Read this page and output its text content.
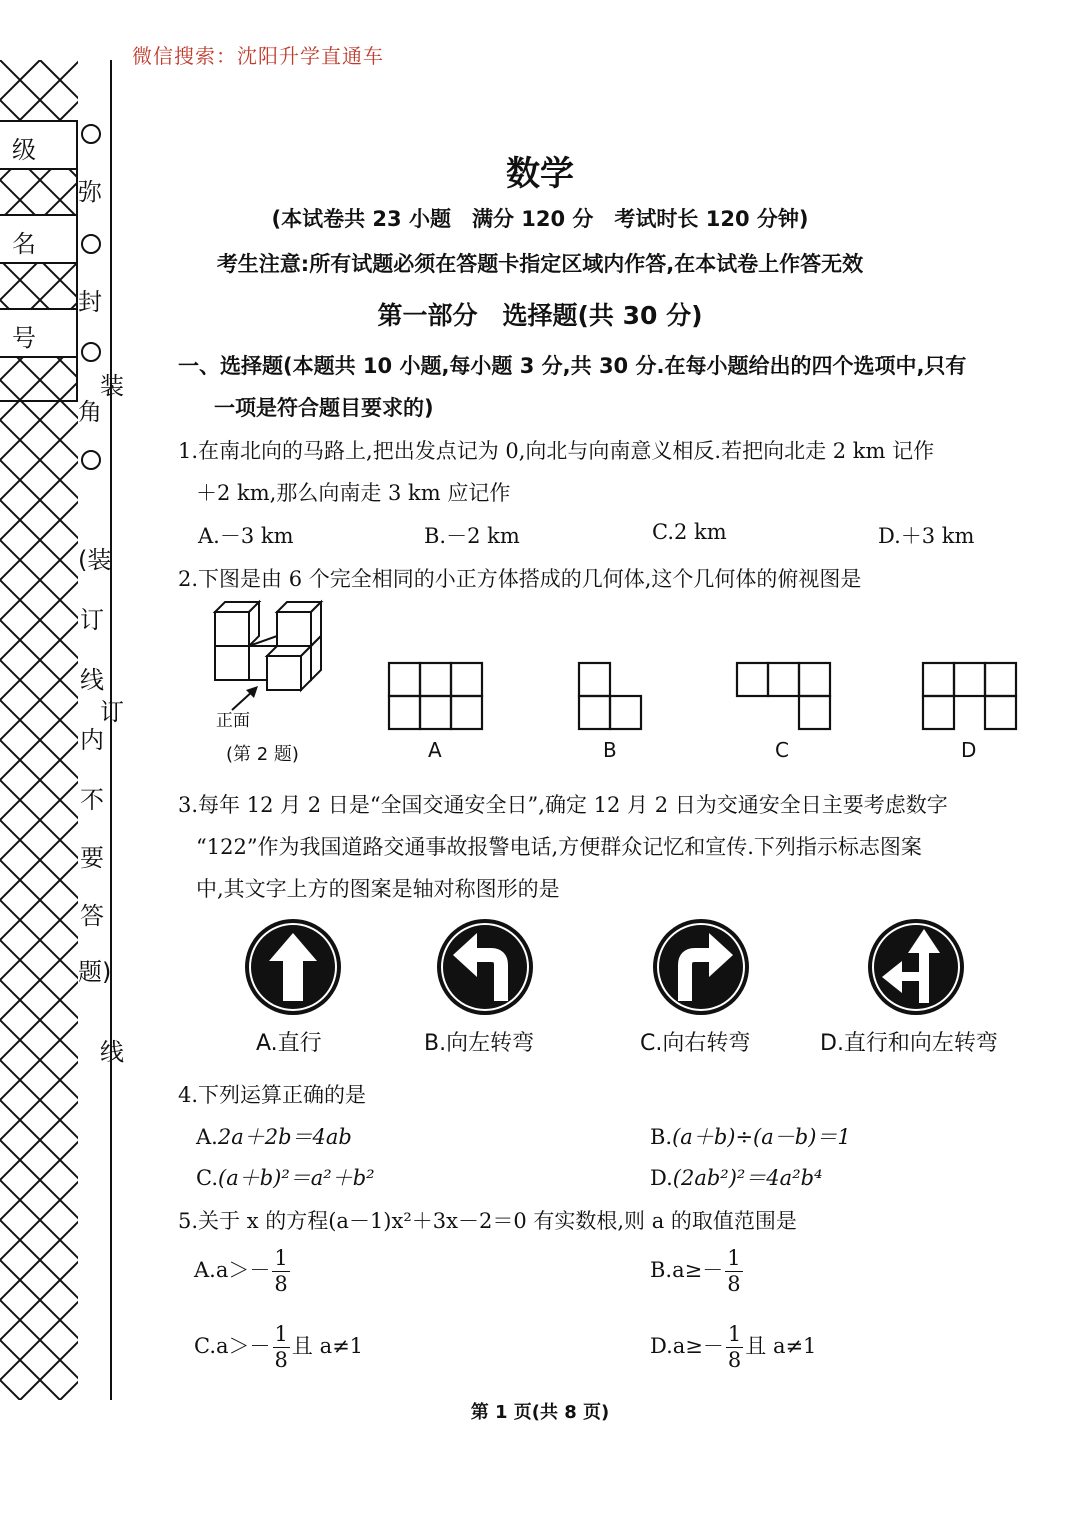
微信搜索：沈阳升学直通车
级
名
号
弥
封
装
角
(装
订
订
线
内
不
要
答
题)
线
数学
(本试卷共 23 小题　满分 120 分　考试时长 120 分钟)
考生注意:所有试题必须在答题卡指定区域内作答,在本试卷上作答无效
第一部分　选择题(共 30 分)
一、选择题(本题共 10 小题,每小题 3 分,共 30 分.在每小题给出的四个选项中,只有
一项是符合题目要求的)
1.在南北向的马路上,把出发点记为 0,向北与向南意义相反.若把向北走 2 km 记作
＋2 km,那么向南走 3 km 应记作
A.－3 km	B.－2 km	C.2 km	D.＋3 km
2.下图是由 6 个完全相同的小正方体搭成的几何体,这个几何体的俯视图是
正面
(第 2 题)	A	B	C	D
3.每年 12 月 2 日是“全国交通安全日”,确定 12 月 2 日为交通安全日主要考虑数字
“122”作为我国道路交通事故报警电话,方便群众记忆和宣传.下列指示标志图案
中,其文字上方的图案是轴对称图形的是
A.直行	B.向左转弯	C.向右转弯	D.直行和向左转弯
4.下列运算正确的是
A.2a＋2b＝4ab	B.(a＋b)÷(a－b)＝1
C.(a＋b)²＝a²＋b²	D.(2ab²)²＝4a²b⁴
5.关于 x 的方程(a－1)x²＋3x－2＝0 有实数根,则 a 的取值范围是
$A.a>- \frac{1}{8}$	$B.a\ge- \frac{1}{8}$
$C.a>- \frac{1}{8}$ 且 a≠1	$D.a\ge- \frac{1}{8}$ 且 a≠1
第 1 页(共 8 页)
